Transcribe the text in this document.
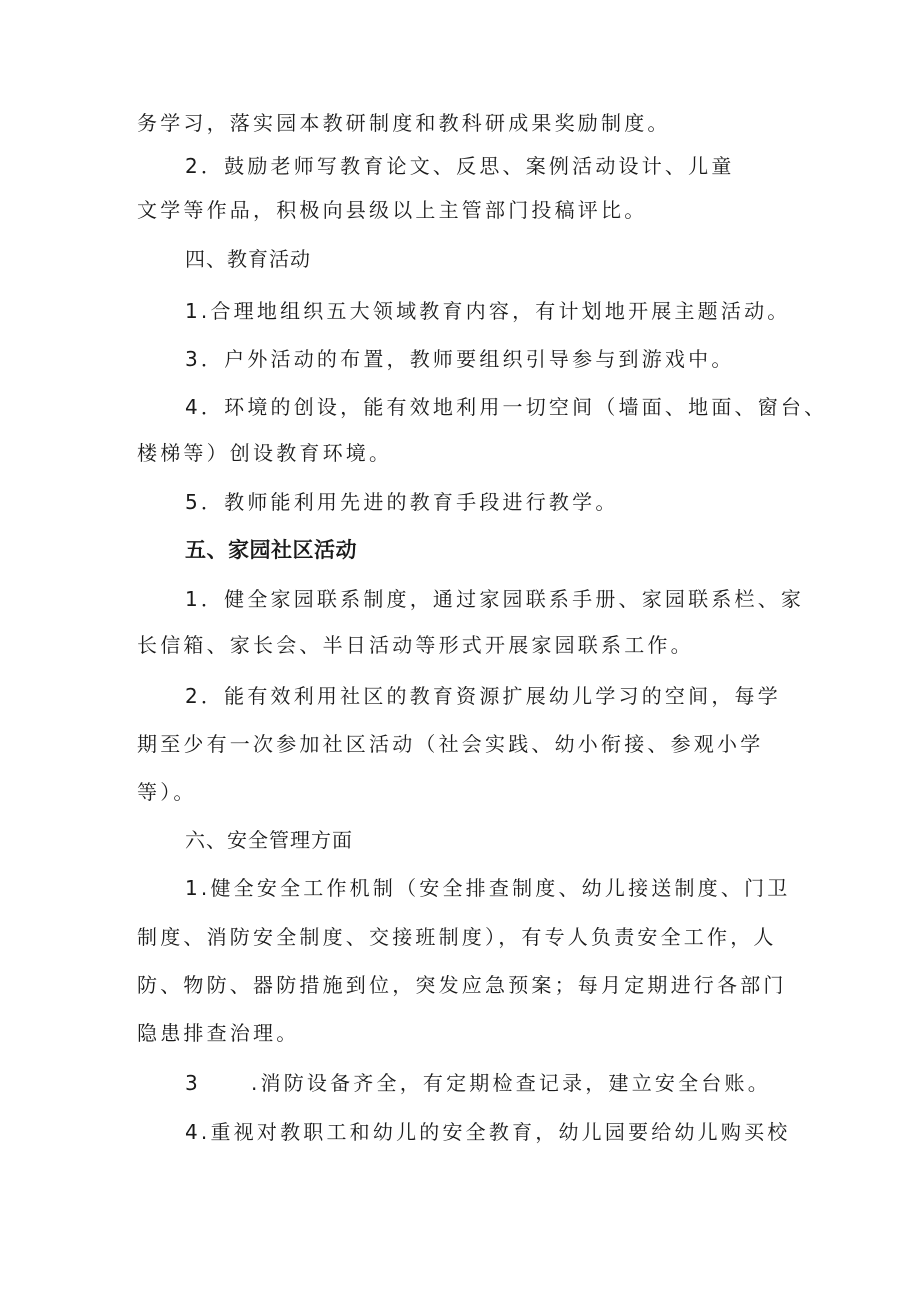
务学习，落实园本教研制度和教科研成果奖励制度。
2．鼓励老师写教育论文、反思、案例活动设计、儿童
文学等作品，积极向县级以上主管部门投稿评比。
四、教育活动
1.合理地组织五大领域教育内容，有计划地开展主题活动。
3．户外活动的布置，教师要组织引导参与到游戏中。
4．环境的创设，能有效地利用一切空间（墙面、地面、窗台、
楼梯等）创设教育环境。
5．教师能利用先进的教育手段进行教学。
五、家园社区活动
1．健全家园联系制度，通过家园联系手册、家园联系栏、家
长信箱、家长会、半日活动等形式开展家园联系工作。
2．能有效利用社区的教育资源扩展幼儿学习的空间，每学
期至少有一次参加社区活动（社会实践、幼小衔接、参观小学
等）。
六、安全管理方面
1.健全安全工作机制（安全排查制度、幼儿接送制度、门卫
制度、消防安全制度、交接班制度），有专人负责安全工作，人
防、物防、器防措施到位，突发应急预案；每月定期进行各部门
隐患排查治理。
3	.消防设备齐全，有定期检查记录，建立安全台账。
4.重视对教职工和幼儿的安全教育，幼儿园要给幼儿购买校
